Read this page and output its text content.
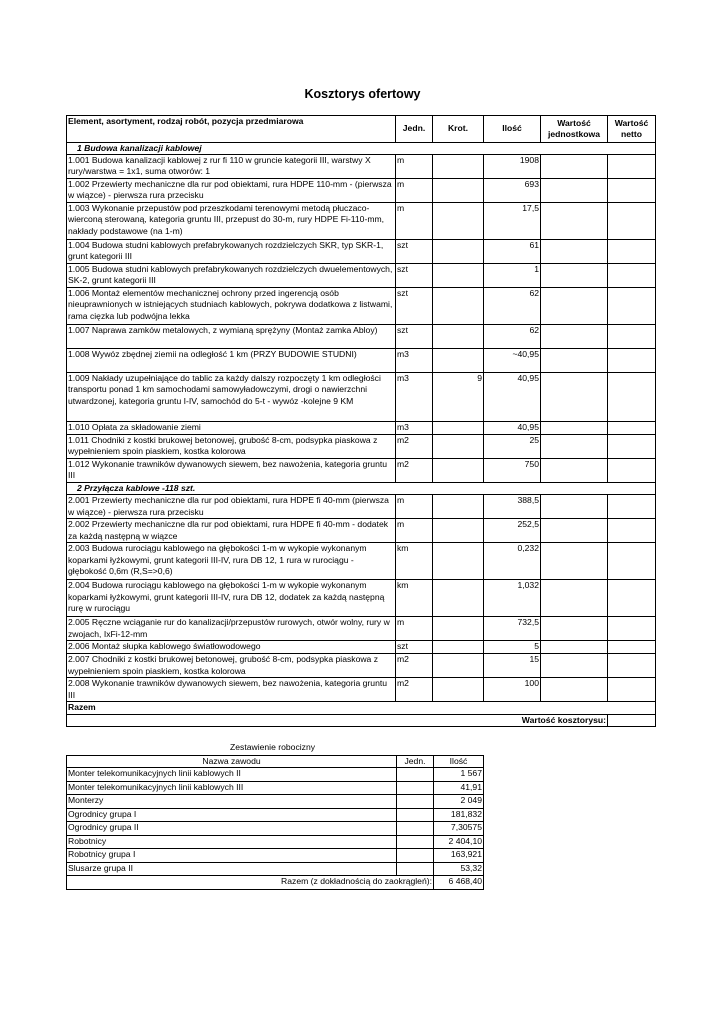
Kosztorys ofertowy
Element, asortyment, rodzaj robót, pozycja przedmiarowa	Jedn.	Krot.	Ilość	Wartość jednostkowa	Wartość netto
1 Budowa kanalizacji kablowej					
1.001 Budowa kanalizacji kablowej z rur fi 110 w gruncie kategorii III, warstwy X rury/warstwa = 1x1, suma otworów: 1	m		1908		
1.002 Przewierty mechaniczne dla rur pod obiektami, rura HDPE 110-mm - (pierwsza w wiązce) - pierwsza rura przecisku	m		693		
1.003 Wykonanie przepustów pod przeszkodami terenowymi metodą płuczaco-wierconą sterowaną, kategoria gruntu III, przepust do 30-m, rury HDPE Fi-110-mm, nakłady podstawowe (na 1-m)	m		17,5		
1.004 Budowa studni kablowych prefabrykowanych rozdzielczych SKR, typ SKR-1, grunt kategorii III	szt		61		
1.005 Budowa studni kablowych prefabrykowanych rozdzielczych dwuelementowych, SK-2, grunt kategorii III	szt		1		
1.006 Montaż elementów mechanicznej ochrony przed ingerencją osób nieuprawnionych w istniejących studniach kablowych, pokrywa dodatkowa z listwami, rama cięzka lub podwójna lekka	szt		62		
1.007 Naprawa zamków metalowych, z wymianą sprężyny (Montaż zamka Abloy)	szt		62		
1.008 Wywóz zbędnej ziemii na odległość 1 km (PRZY BUDOWIE STUDNI)	m3		~40,95		
1.009 Nakłady uzupełniające do tablic za każdy dalszy rozpoczęty 1 km odległości transportu ponad 1 km samochodami samowyładowczymi, drogi o nawierzchni utwardzonej, kategoria gruntu I-IV, samochód do 5-t - wywóz -kolejne 9 KM	m3	9	40,95		
1.010 Opłata za składowanie ziemi	m3		40,95		
1.011 Chodniki z kostki brukowej betonowej, grubość 8-cm, podsypka piaskowa z wypełnieniem spoin piaskiem, kostka kolorowa	m2		25		
1.012 Wykonanie trawników dywanowych siewem, bez nawożenia, kategoria gruntu III	m2		750		
2 Przyłącza kablowe -118 szt.					
2.001 Przewierty mechaniczne dla rur pod obiektami, rura HDPE fi 40-mm (pierwsza w wiązce) - pierwsza rura przecisku	m		388,5		
2.002 Przewierty mechaniczne dla rur pod obiektami, rura HDPE fi 40-mm - dodatek za każdą następną w wiązce	m		252,5		
2.003 Budowa rurociągu kablowego na głębokości 1-m w wykopie wykonanym koparkami łyżkowymi, grunt kategorii III-IV, rura DB 12, 1 rura w rurociągu - głębokość 0,6m (R,S=>0,6)	km		0,232		
2.004 Budowa rurociągu kablowego na głębokości 1-m w wykopie wykonanym koparkami łyżkowymi, grunt kategorii III-IV, rura DB 12, dodatek za każdą następną rurę w rurociągu	km		1,032		
2.005 Ręczne wciąganie rur do kanalizacji/przepustów rurowych, otwór wolny, rury w zwojach, IxFi-12-mm	m		732,5		
2.006 Montaż słupka kablowego światłowodowego	szt		5		
2.007 Chodniki z kostki brukowej betonowej, grubość 8-cm, podsypka piaskowa z wypełnieniem spoin piaskiem, kostka kolorowa	m2		15		
2.008 Wykonanie trawników dywanowych siewem, bez nawożenia, kategoria gruntu III	m2		100		
Razem					
Wartość kosztorysu:					
Zestawienie robocizny
Nazwa zawodu	Jedn.	Ilość
Monter telekomunikacyjnych linii kablowych II		1 567
Monter telekomunikacyjnych linii kablowych III		41,91
Monterzy		2 049
Ogrodnicy grupa I		181,832
Ogrodnicy grupa II		7,30575
Robotnicy		2 404,10
Robotnicy grupa I		163,921
Slusarze grupa II		53,32
Razem (z dokładnością do zaokrągleń):		6 468,40
